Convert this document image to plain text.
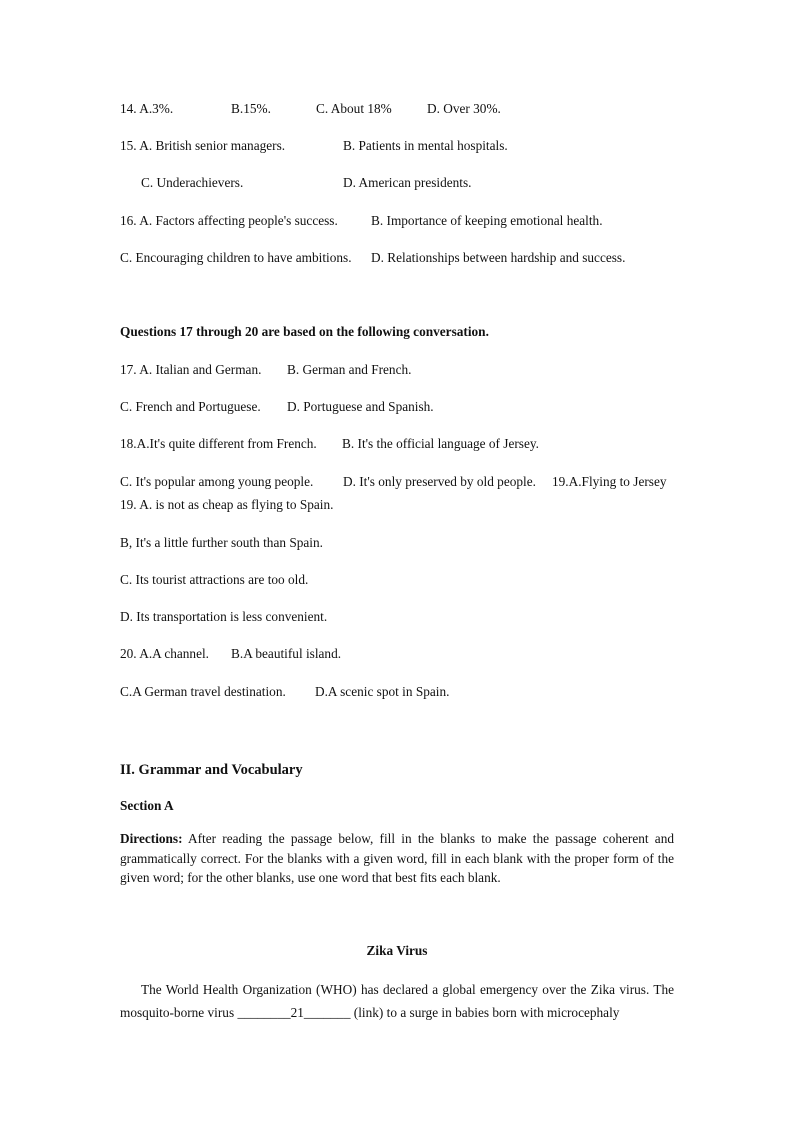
14. A.3%.	B.15%.	C. About 18%	D. Over 30%.
15. A. British senior managers.	B. Patients in mental hospitals.
C. Underachievers.	D. American presidents.
16. A. Factors affecting people's success. B. Importance of keeping emotional health.
C. Encouraging children to have ambitions. D. Relationships between hardship and success.
Questions 17 through 20 are based on the following conversation.
17. A. Italian and German. B. German and French.
C. French and Portuguese. D. Portuguese and Spanish.
18.A.It's quite different from French. B. It's the official language of Jersey.
C. It's popular among young people. D. It's only preserved by old people. 19.A.Flying to Jersey
19. A. is not as cheap as flying to Spain.
B, It's a little further south than Spain.
C. Its tourist attractions are too old.
D. Its transportation is less convenient.
20. A.A channel. B.A beautiful island.
C.A German travel destination. D.A scenic spot in Spain.
II. Grammar and Vocabulary
Section A
Directions: After reading the passage below, fill in the blanks to make the passage coherent and grammatically correct. For the blanks with a given word, fill in each blank with the proper form of the given word; for the other blanks, use one word that best fits each blank.
Zika Virus
The World Health Organization (WHO) has declared a global emergency over the Zika virus. The mosquito-borne virus ________21_______ (link) to a surge in babies born with microcephaly
